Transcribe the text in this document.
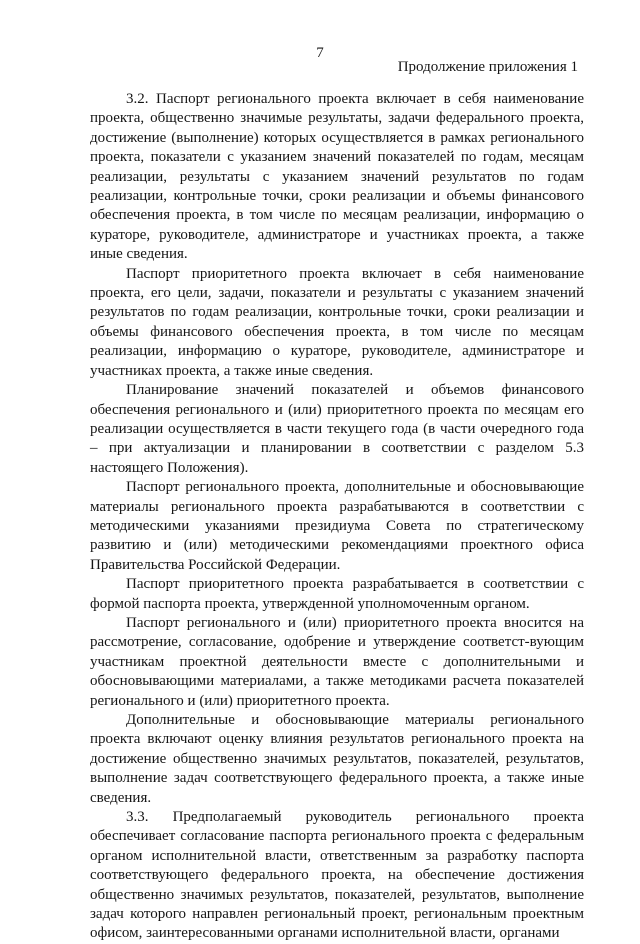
7
Продолжение приложения 1

3.2. Паспорт регионального проекта включает в себя наименование проекта, общественно значимые результаты, задачи федерального проекта, достижение (выполнение) которых осуществляется в рамках регионального проекта, показатели с указанием значений показателей по годам, месяцам реализации, результаты с указанием значений результатов по годам реализации, контрольные точки, сроки реализации и объемы финансового обеспечения проекта, в том числе по месяцам реализации, информацию о кураторе, руководителе, администраторе и участниках проекта, а также иные сведения.

Паспорт приоритетного проекта включает в себя наименование проекта, его цели, задачи, показатели и результаты с указанием значений результатов по годам реализации, контрольные точки, сроки реализации и объемы финансового обеспечения проекта, в том числе по месяцам реализации, информацию о кураторе, руководителе, администраторе и участниках проекта, а также иные сведения.

Планирование значений показателей и объемов финансового обеспечения регионального и (или) приоритетного проекта по месяцам его реализации осуществляется в части текущего года (в части очередного года – при актуализации и планировании в соответствии с разделом 5.3 настоящего Положения).

Паспорт регионального проекта, дополнительные и обосновывающие материалы регионального проекта разрабатываются в соответствии с методическими указаниями президиума Совета по стратегическому развитию и (или) методическими рекомендациями проектного офиса Правительства Российской Федерации.

Паспорт приоритетного проекта разрабатывается в соответствии с формой паспорта проекта, утвержденной уполномоченным органом.

Паспорт регионального и (или) приоритетного проекта вносится на рассмотрение, согласование, одобрение и утверждение соответст-вующим участникам проектной деятельности вместе с дополнительными и обосновывающими материалами, а также методиками расчета показателей регионального и (или) приоритетного проекта.

Дополнительные и обосновывающие материалы регионального проекта включают оценку влияния результатов регионального проекта на достижение общественно значимых результатов, показателей, результатов, выполнение задач соответствующего федерального проекта, а также иные сведения.

3.3. Предполагаемый руководитель регионального проекта обеспечивает согласование паспорта регионального проекта с федеральным органом исполнительной власти, ответственным за разработку паспорта соответствующего федерального проекта, на обеспечение достижения общественно значимых результатов, показателей, результатов, выполнение задач которого направлен региональный проект, региональным проектным офисом, заинтересованными органами исполнительной власти, органами
